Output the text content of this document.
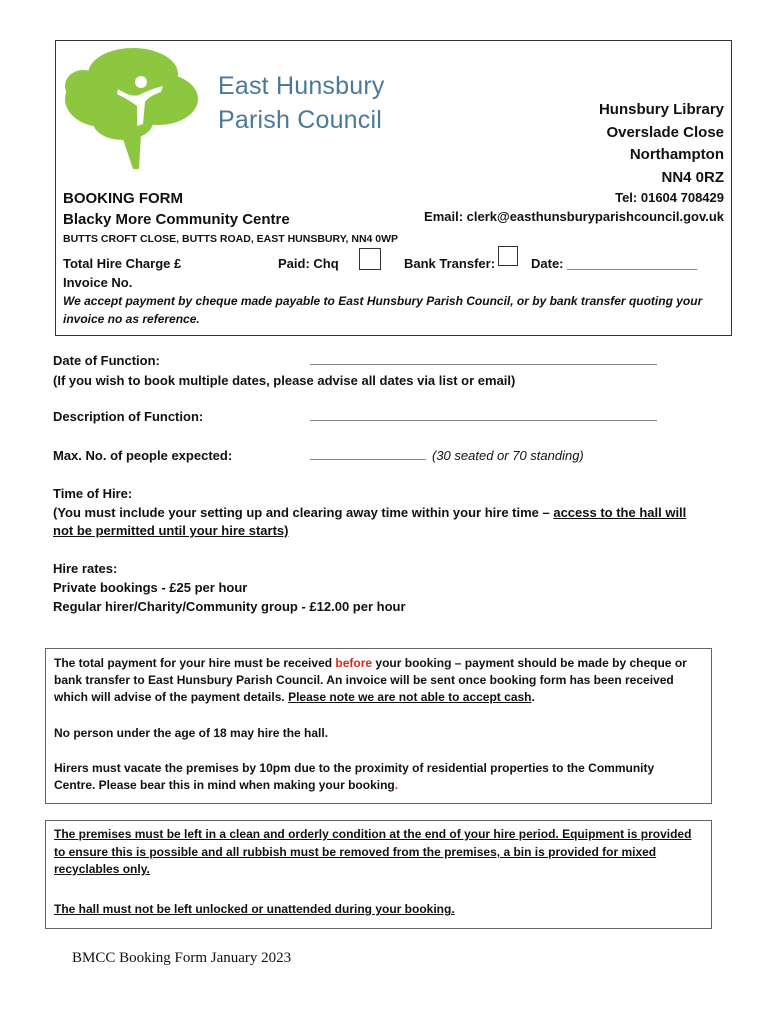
East Hunsbury
Parish Council	Hunsbury Library
Overslade Close
Northampton
NN4 0RZ
Tel: 01604 708429
Email: clerk@easthunsburyparishcouncil.gov.uk
BOOKING FORM
Blacky More Community Centre
BUTTS CROFT CLOSE, BUTTS ROAD, EAST HUNSBURY, NN4 0WP
Total Hire Charge £	Paid: Chq	Bank Transfer:	Date: __________________
Invoice No.
We accept payment by cheque made payable to East Hunsbury Parish Council, or by bank transfer quoting your invoice no as reference.
Date of Function:	________________________________________________
(If you wish to book multiple dates, please advise all dates via list or email)
Description of Function:	________________________________________________
Max. No. of people expected:	________________ (30 seated or 70 standing)
Time of Hire:
(You must include your setting up and clearing away time within your hire time – access to the hall will
not be permitted until your hire starts)
Hire rates:
Private bookings - £25 per hour
Regular hirer/Charity/Community group - £12.00 per hour
The total payment for your hire must be received before your booking – payment should be made by cheque or
bank transfer to East Hunsbury Parish Council. An invoice will be sent once booking form has been received
which will advise of the payment details. Please note we are not able to accept cash.
No person under the age of 18 may hire the hall.
Hirers must vacate the premises by 10pm due to the proximity of residential properties to the Community
Centre. Please bear this in mind when making your booking.
The premises must be left in a clean and orderly condition at the end of your hire period. Equipment is provided
to ensure this is possible and all rubbish must be removed from the premises, a bin is provided for mixed
recyclables only.
The hall must not be left unlocked or unattended during your booking.
BMCC Booking Form January 2023
